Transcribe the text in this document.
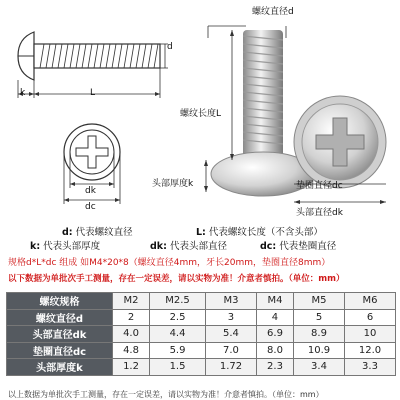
d
k	L
dk
dc
螺纹直径d
螺纹长度L
头部厚度k	垫圈直径dc
头部直径dk
d: 代表螺纹直径	L: 代表螺纹长度（不含头部）
k: 代表头部厚度	dk: 代表头部直径	dc: 代表垫圈直径
规格d*L*dc 组成 如M4*20*8（螺纹直径4mm，牙长20mm，垫圈直径8mm）
以下数据为单批次手工测量，存在一定误差，请以实物为准！介意者慎拍。（单位：mm）
螺纹规格	M2	M2.5	M3	M4	M5	M6
螺纹直径d	2	2.5	3	4	5	6
头部直径dk	4.0	4.4	5.4	6.9	8.9	10
垫圈直径dc	4.8	5.9	7.0	8.0	10.9	12.0
头部厚度k	1.2	1.5	1.72	2.3	3.4	3.3
以上数据为单批次手工测量，存在一定误差，请以实物为准！介意者慎拍。（单位：mm）
